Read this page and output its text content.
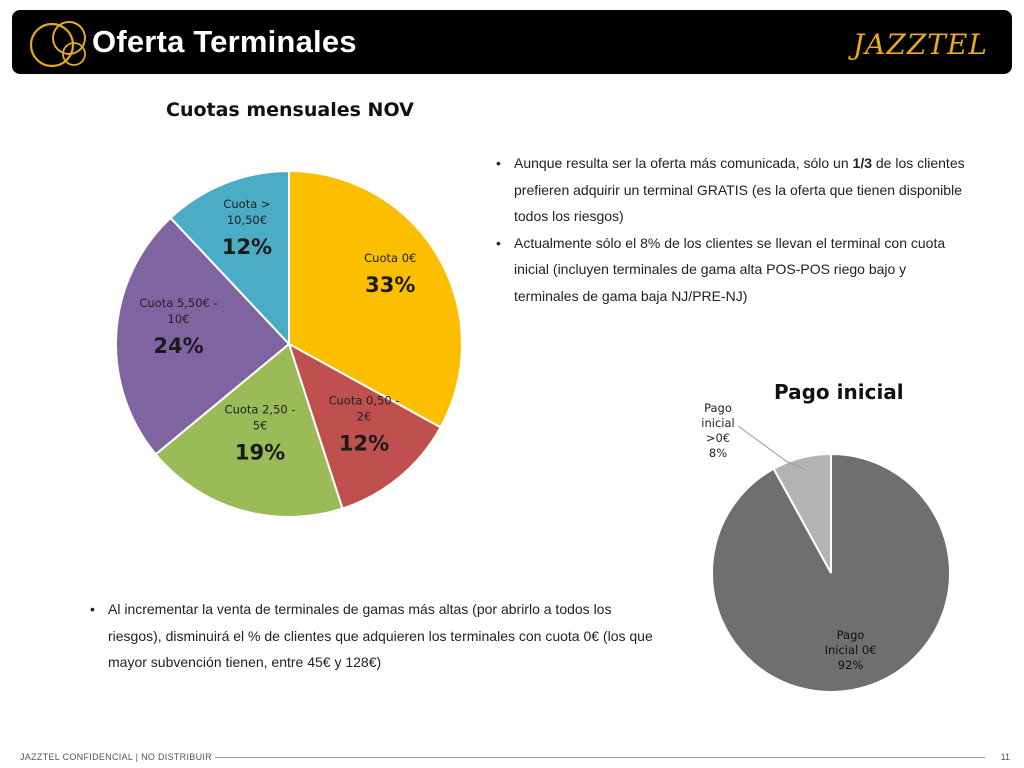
Oferta Terminales	JAZZTEL
Cuotas mensuales NOV
Pago inicial
Cuota 0€
33%
Cuota 0,50 -
2€
12%
Cuota 2,50 -
5€
19%
Cuota 5,50€ -
10€
24%
Cuota >
10,50€
12%
Pago
Inicial 0€
92%
Pago
inicial
>0€
8%
• Aunque resulta ser la oferta más comunicada, sólo un 1/3 de los clientes prefieren adquirir un terminal GRATIS (es la oferta que tienen disponible todos los riesgos)
• Actualmente sólo el 8% de los clientes se llevan el terminal con cuota inicial (incluyen terminales de gama alta POS-POS riego bajo y terminales de gama baja NJ/PRE-NJ)
• Al incrementar la venta de terminales de gamas más altas (por abrirlo a todos los riesgos), disminuirá el % de clientes que adquieren los terminales con cuota 0€ (los que mayor subvención tienen, entre 45€ y 128€)
JAZZTEL CONFIDENCIAL | NO DISTRIBUIR	11
